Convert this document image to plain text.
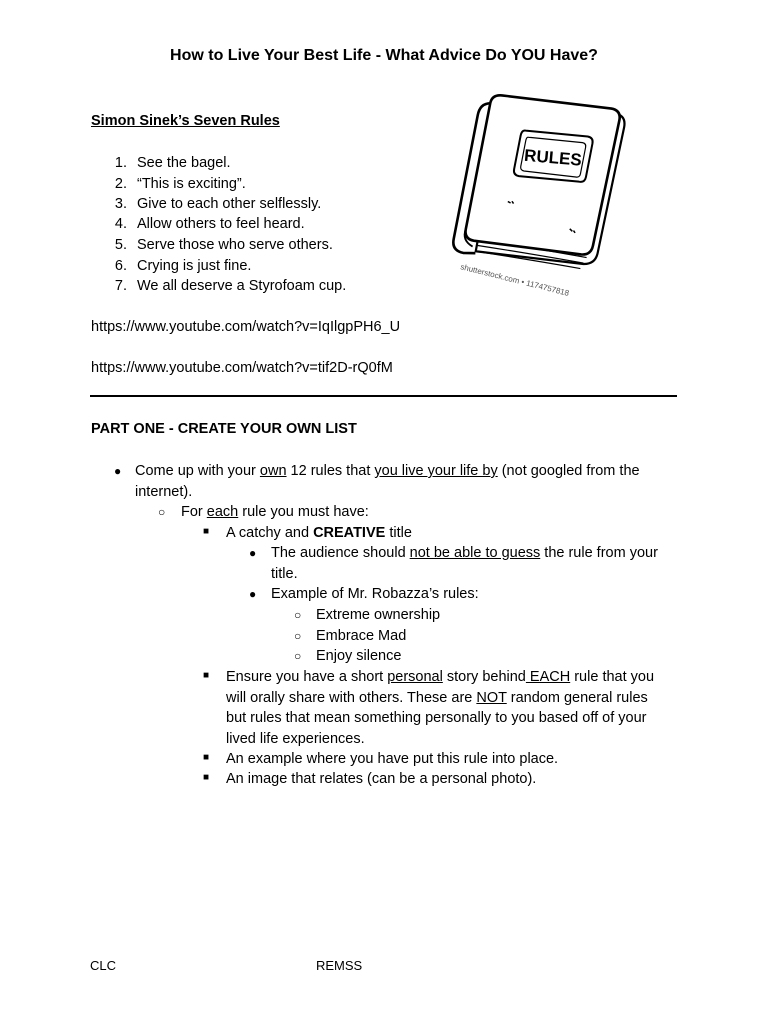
How to Live Your Best Life - What Advice Do YOU Have?
Simon Sinek’s Seven Rules
1. See the bagel.
2. “This is exciting”.
3. Give to each other selflessly.
4. Allow others to feel heard.
5. Serve those who serve others.
6. Crying is just fine.
7. We all deserve a Styrofoam cup.
https://www.youtube.com/watch?v=IqIlgpPH6_U
https://www.youtube.com/watch?v=tif2D-rQ0fM
RULES
shutterstock.com • 1174757818
PART ONE - CREATE YOUR OWN LIST
● Come up with your own 12 rules that you live your life by (not googled from the
internet).
○ For each rule you must have:
■ A catchy and CREATIVE title
● The audience should not be able to guess the rule from your
title.
● Example of Mr. Robazza’s rules:
○ Extreme ownership
○ Embrace Mad
○ Enjoy silence
■ Ensure you have a short personal story behind EACH rule that you
will orally share with others. These are NOT random general rules
but rules that mean something personally to you based off of your
lived life experiences.
■ An example where you have put this rule into place.
■ An image that relates (can be a personal photo).
CLC	REMSS
